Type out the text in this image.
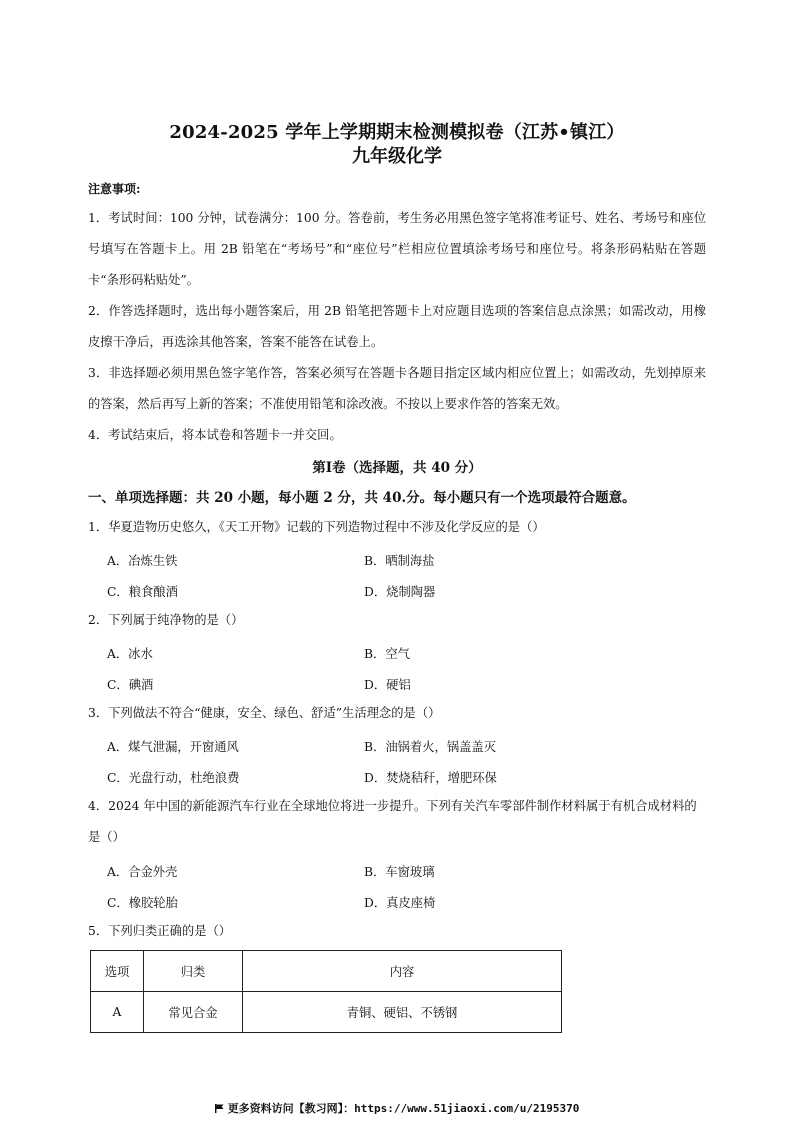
2024-2025 学年上学期期末检测模拟卷（江苏•镇江）
九年级化学
注意事项:
1．考试时间：100 分钟，试卷满分：100 分。答卷前，考生务必用黑色签字笔将准考证号、姓名、考场号和座位号填写在答题卡上。用 2B 铅笔在“考场号”和“座位号”栏相应位置填涂考场号和座位号。将条形码粘贴在答题卡“条形码粘贴处”。
2．作答选择题时，选出每小题答案后，用 2B 铅笔把答题卡上对应题目选项的答案信息点涂黑；如需改动，用橡皮擦干净后，再选涂其他答案，答案不能答在试卷上。
3．非选择题必须用黑色签字笔作答，答案必须写在答题卡各题目指定区域内相应位置上；如需改动，先划掉原来的答案，然后再写上新的答案；不准使用铅笔和涂改液。不按以上要求作答的答案无效。
4．考试结束后，将本试卷和答题卡一并交回。
第Ⅰ卷（选择题，共 40 分）
一、单项选择题：共 20 小题，每小题 2 分，共 40.分。每小题只有一个选项最符合题意。
1．华夏造物历史悠久，《天工开物》记载的下列造物过程中不涉及化学反应的是（）
A．冶炼生铁	B．晒制海盐
C．粮食酿酒	D．烧制陶器
2．下列属于纯净物的是（）
A．冰水	B．空气
C．碘酒	D．硬铝
3．下列做法不符合“健康，安全、绿色、舒适”生活理念的是（）
A．煤气泄漏，开窗通风	B．油锅着火，锅盖盖灭
C．光盘行动，杜绝浪费	D．焚烧秸秆，增肥环保
4．2024 年中国的新能源汽车行业在全球地位将进一步提升。下列有关汽车零部件制作材料属于有机合成材料的是（）
A．合金外壳	B．车窗玻璃
C．橡胶轮胎	D．真皮座椅
5．下列归类正确的是（）
选项	归类	内容
A	常见合金	青铜、硬铝、不锈钢
更多资料访问【教习网】：https://www.51jiaoxi.com/u/2195370
